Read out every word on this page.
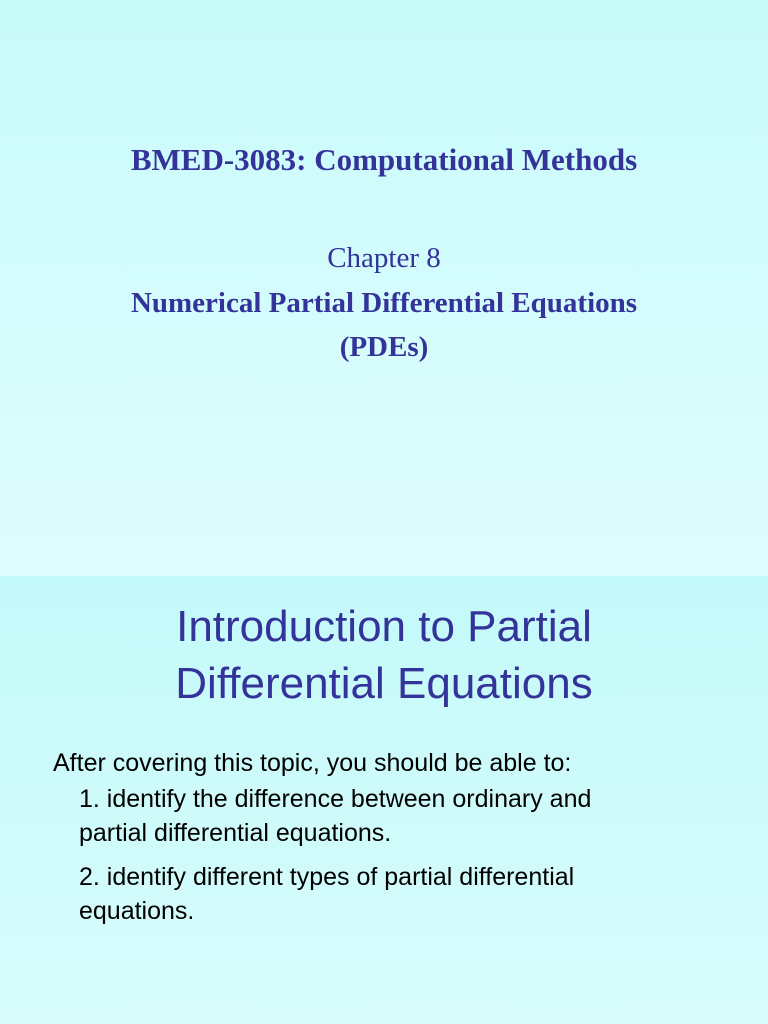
BMED-3083: Computational Methods
Chapter 8
Numerical Partial Differential Equations
(PDEs)
Introduction to Partial
Differential Equations

After covering this topic, you should be able to:

1. identify the difference between ordinary and
partial differential equations.

2. identify different types of partial differential
equations.
